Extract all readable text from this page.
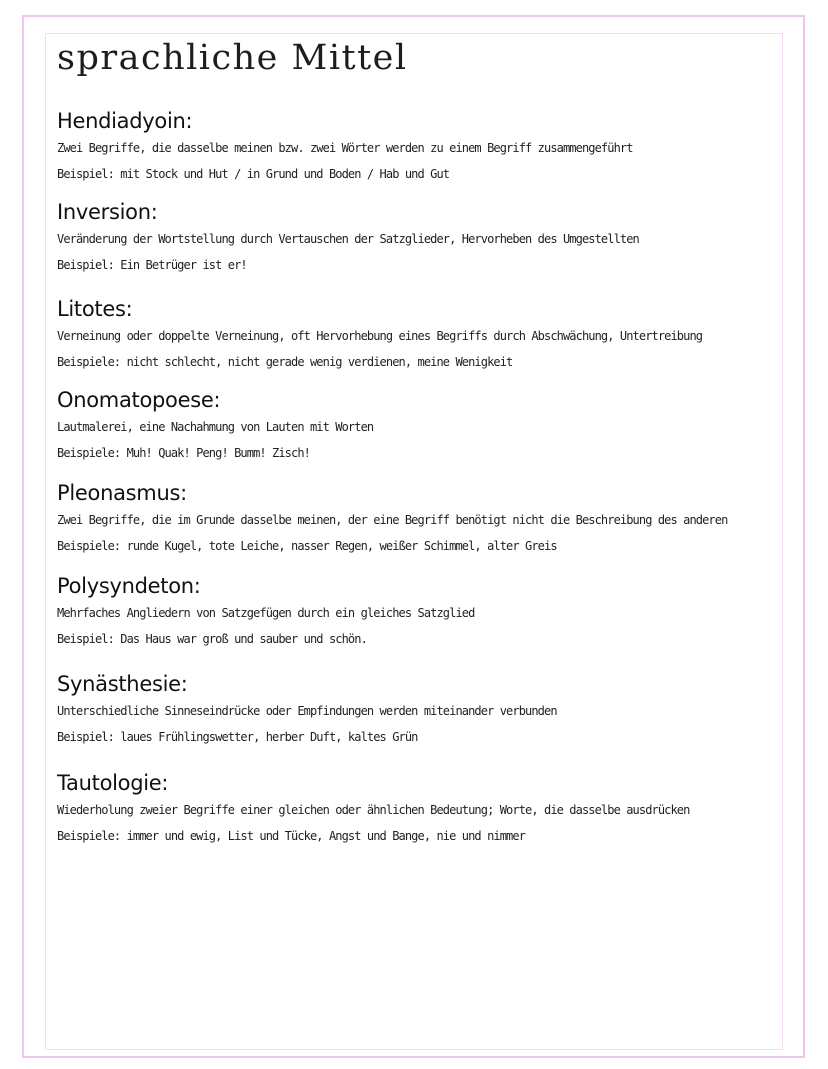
sprachliche Mittel
Hendiadyoin:
Zwei Begriffe, die dasselbe meinen bzw. zwei Wörter werden zu einem Begriff zusammengeführt
Beispiel: mit Stock und Hut / in Grund und Boden / Hab und Gut
Inversion:
Veränderung der Wortstellung durch Vertauschen der Satzglieder, Hervorheben des Umgestellten
Beispiel: Ein Betrüger ist er!
Litotes:
Verneinung oder doppelte Verneinung, oft Hervorhebung eines Begriffs durch Abschwächung, Untertreibung
Beispiele: nicht schlecht, nicht gerade wenig verdienen, meine Wenigkeit
Onomatopoese:
Lautmalerei, eine Nachahmung von Lauten mit Worten
Beispiele: Muh! Quak! Peng! Bumm! Zisch!
Pleonasmus:
Zwei Begriffe, die im Grunde dasselbe meinen, der eine Begriff benötigt nicht die Beschreibung des anderen
Beispiele: runde Kugel, tote Leiche, nasser Regen, weißer Schimmel, alter Greis
Polysyndeton:
Mehrfaches Angliedern von Satzgefügen durch ein gleiches Satzglied
Beispiel: Das Haus war groß und sauber und schön.
Synästhesie:
Unterschiedliche Sinneseindrücke oder Empfindungen werden miteinander verbunden
Beispiel: laues Frühlingswetter, herber Duft, kaltes Grün
Tautologie:
Wiederholung zweier Begriffe einer gleichen oder ähnlichen Bedeutung; Worte, die dasselbe ausdrücken
Beispiele: immer und ewig, List und Tücke, Angst und Bange, nie und nimmer
